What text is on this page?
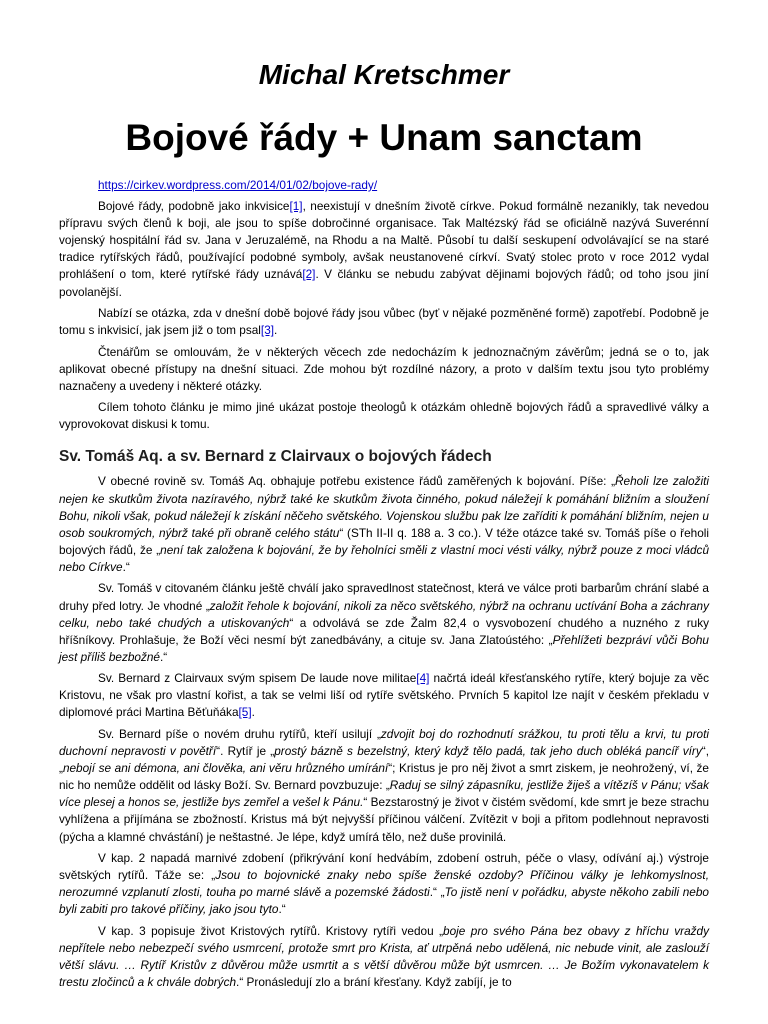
Michal Kretschmer
Bojové řády + Unam sanctam

https://cirkev.wordpress.com/2014/01/02/bojove-rady/

Bojové řády, podobně jako inkvisice[1], neexistují v dnešním životě církve. Pokud formálně nezanikly, tak nevedou přípravu svých členů k boji, ale jsou to spíše dobročinné organisace. Tak Maltézský řád se oficiálně nazývá Suverénní vojenský hospitální řád sv. Jana v Jeruzalémě, na Rhodu a na Maltě. Působí tu další seskupení odvolávající se na staré tradice rytířských řádů, používající podobné symboly, avšak neustanovené církví. Svatý stolec proto v roce 2012 vydal prohlášení o tom, které rytířské řády uznává[2]. V článku se nebudu zabývat dějinami bojových řádů; od toho jsou jiní povolanější.

Nabízí se otázka, zda v dnešní době bojové řády jsou vůbec (byť v nějaké pozměněné formě) zapotřebí. Podobně je tomu s inkvisicí, jak jsem již o tom psal[3].

Čtenářům se omlouvám, že v některých věcech zde nedocházím k jednoznačným závěrům; jedná se o to, jak aplikovat obecné přístupy na dnešní situaci. Zde mohou být rozdílné názory, a proto v dalším textu jsou tyto problémy naznačeny a uvedeny i některé otázky.

Cílem tohoto článku je mimo jiné ukázat postoje theologů k otázkám ohledně bojových řádů a spravedlivé války a vyprovokovat diskusi k tomu.

Sv. Tomáš Aq. a sv. Bernard z Clairvaux o bojových řádech

V obecné rovině sv. Tomáš Aq. obhajuje potřebu existence řádů zaměřených k bojování. Píše: „Řeholi lze založiti nejen ke skutkům života nazíravého, nýbrž také ke skutkům života činného, pokud náležejí k pomáhání bližním a sloužení Bohu, nikoli však, pokud náležejí k získání něčeho světského. Vojenskou službu pak lze zaříditi k pomáhání bližním, nejen u osob soukromých, nýbrž také při obraně celého státu“ (STh II-II q. 188 a. 3 co.). V téže otázce také sv. Tomáš píše o řeholi bojových řádů, že „není tak založena k bojování, že by řeholníci směli z vlastní moci vésti války, nýbrž pouze z moci vládců nebo Církve.“

Sv. Tomáš v citovaném článku ještě chválí jako spravedlnost statečnost, která ve válce proti barbarům chrání slabé a druhy před lotry. Je vhodné „založit řehole k bojování, nikoli za něco světského, nýbrž na ochranu uctívání Boha a záchrany celku, nebo také chudých a utiskovaných“ a odvolává se zde Žalm 82,4 o vysvobození chudého a nuzného z ruky hříšníkovy. Prohlašuje, že Boží věci nesmí být zanedbávány, a cituje sv. Jana Zlatoústého: „Přehlížeti bezpráví vůči Bohu jest příliš bezbožné.“

Sv. Bernard z Clairvaux svým spisem De laude nove militae[4] načrtá ideál křesťanského rytíře, který bojuje za věc Kristovu, ne však pro vlastní kořist, a tak se velmi liší od rytíře světského. Prvních 5 kapitol lze najít v českém překladu v diplomové práci Martina Běťuňáka[5].

Sv. Bernard píše o novém druhu rytířů, kteří usilují „zdvojit boj do rozhodnutí srážkou, tu proti tělu a krvi, tu proti duchovní nepravosti v povětří“. Rytíř je „prostý bázně s bezelstný, který když tělo padá, tak jeho duch obléká pancíř víry“, „nebojí se ani démona, ani člověka, ani věru hrůzného umírání“; Kristus je pro něj život a smrt ziskem, je neohrožený, ví, že nic ho nemůže oddělit od lásky Boží. Sv. Bernard povzbuzuje: „Raduj se silný zápasníku, jestliže žiješ a vítězíš v Pánu; však více plesej a honos se, jestliže bys zemřel a vešel k Pánu.“ Bezstarostný je život v čistém svědomí, kde smrt je beze strachu vyhlížena a přijímána se zbožností. Kristus má být nejvyšší příčinou válčení. Zvítězit v boji a přitom podlehnout nepravosti (pýcha a klamné chvástání) je neštastné. Je lépe, když umírá tělo, než duše provinilá.

V kap. 2 napadá marnivé zdobení (přikrývání koní hedvábím, zdobení ostruh, péče o vlasy, odívání aj.) výstroje světských rytířů. Táže se: „Jsou to bojovnické znaky nebo spíše ženské ozdoby? Příčinou války je lehkomyslnost, nerozumné vzplanutí zlosti, touha po marné slávě a pozemské žádosti.“ „To jistě není v pořádku, abyste někoho zabili nebo byli zabiti pro takové příčiny, jako jsou tyto.“

V kap. 3 popisuje život Kristových rytířů. Kristovy rytíři vedou „boje pro svého Pána bez obavy z hříchu vraždy nepřítele nebo nebezpečí svého usmrcení, protože smrt pro Krista, ať utrpěná nebo udělená, nic nebude vinit, ale zaslouží větší slávu. … Rytíř Kristův z důvěrou může usmrtit a s větší důvěrou může být usmrcen. … Je Božím vykonavatelem k trestu zločinců a k chvále dobrých.“ Pronásledují zlo a brání křesťany. Když zabíjí, je to
